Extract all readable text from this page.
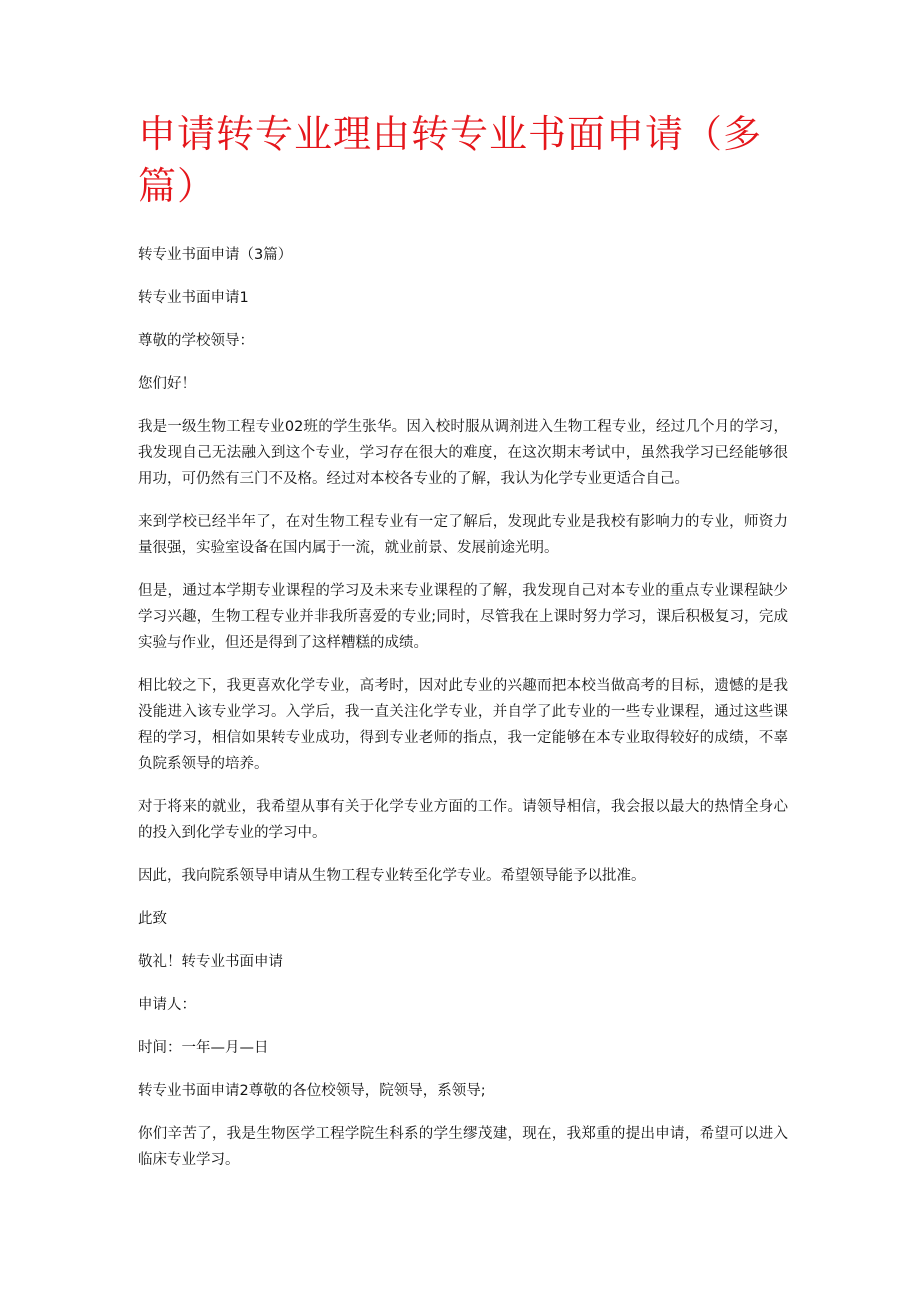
申请转专业理由转专业书面申请（多篇）

转专业书面申请（3篇）

转专业书面申请1

尊敬的学校领导：

您们好！

我是一级生物工程专业02班的学生张华。因入校时服从调剂进入生物工程专业，经过几个月的学习，我发现自己无法融入到这个专业，学习存在很大的难度，在这次期末考试中，虽然我学习已经能够很用功，可仍然有三门不及格。经过对本校各专业的了解，我认为化学专业更适合自己。

来到学校已经半年了，在对生物工程专业有一定了解后，发现此专业是我校有影响力的专业，师资力量很强，实验室设备在国内属于一流，就业前景、发展前途光明。

但是，通过本学期专业课程的学习及未来专业课程的了解，我发现自己对本专业的重点专业课程缺少学习兴趣，生物工程专业并非我所喜爱的专业;同时，尽管我在上课时努力学习，课后积极复习，完成实验与作业，但还是得到了这样糟糕的成绩。

相比较之下，我更喜欢化学专业，高考时，因对此专业的兴趣而把本校当做高考的目标，遗憾的是我没能进入该专业学习。入学后，我一直关注化学专业，并自学了此专业的一些专业课程，通过这些课程的学习，相信如果转专业成功，得到专业老师的指点，我一定能够在本专业取得较好的成绩，不辜负院系领导的培养。

对于将来的就业，我希望从事有关于化学专业方面的工作。请领导相信，我会报以最大的热情全身心的投入到化学专业的学习中。

因此，我向院系领导申请从生物工程专业转至化学专业。希望领导能予以批准。

此致

敬礼！转专业书面申请

申请人：

时间：一年—月—日

转专业书面申请2尊敬的各位校领导，院领导，系领导;

你们辛苦了，我是生物医学工程学院生科系的学生缪茂建，现在，我郑重的提出申请，希望可以进入临床专业学习。
